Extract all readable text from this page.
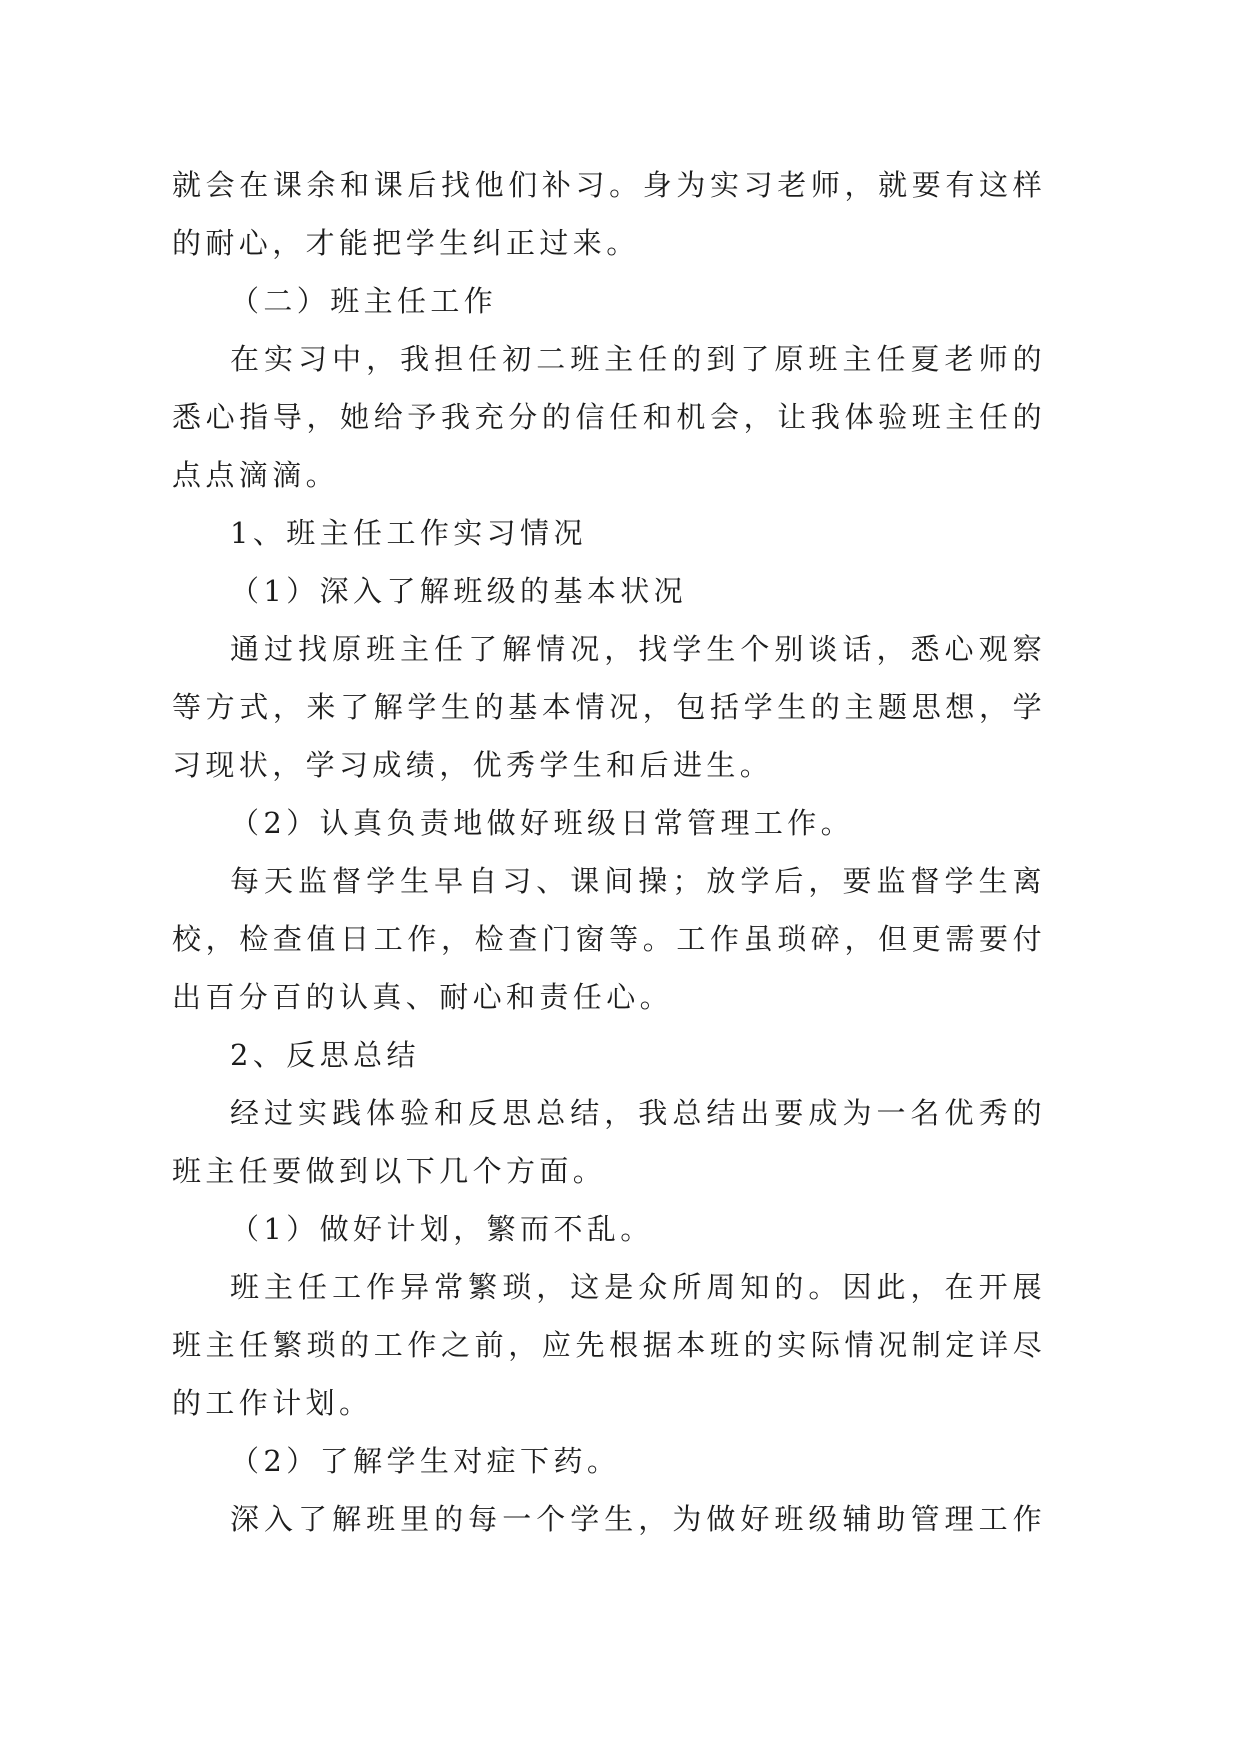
就会在课余和课后找他们补习。身为实习老师，就要有这样
的耐心，才能把学生纠正过来。
（二）班主任工作
在实习中，我担任初二班主任的到了原班主任夏老师的
悉心指导，她给予我充分的信任和机会，让我体验班主任的
点点滴滴。
1、班主任工作实习情况
（1）深入了解班级的基本状况
通过找原班主任了解情况，找学生个别谈话，悉心观察
等方式，来了解学生的基本情况，包括学生的主题思想，学
习现状，学习成绩，优秀学生和后进生。
（2）认真负责地做好班级日常管理工作。
每天监督学生早自习、课间操；放学后，要监督学生离
校，检查值日工作，检查门窗等。工作虽琐碎，但更需要付
出百分百的认真、耐心和责任心。
2、反思总结
经过实践体验和反思总结，我总结出要成为一名优秀的
班主任要做到以下几个方面。
（1）做好计划，繁而不乱。
班主任工作异常繁琐，这是众所周知的。因此，在开展
班主任繁琐的工作之前，应先根据本班的实际情况制定详尽
的工作计划。
（2）了解学生对症下药。
深入了解班里的每一个学生，为做好班级辅助管理工作
